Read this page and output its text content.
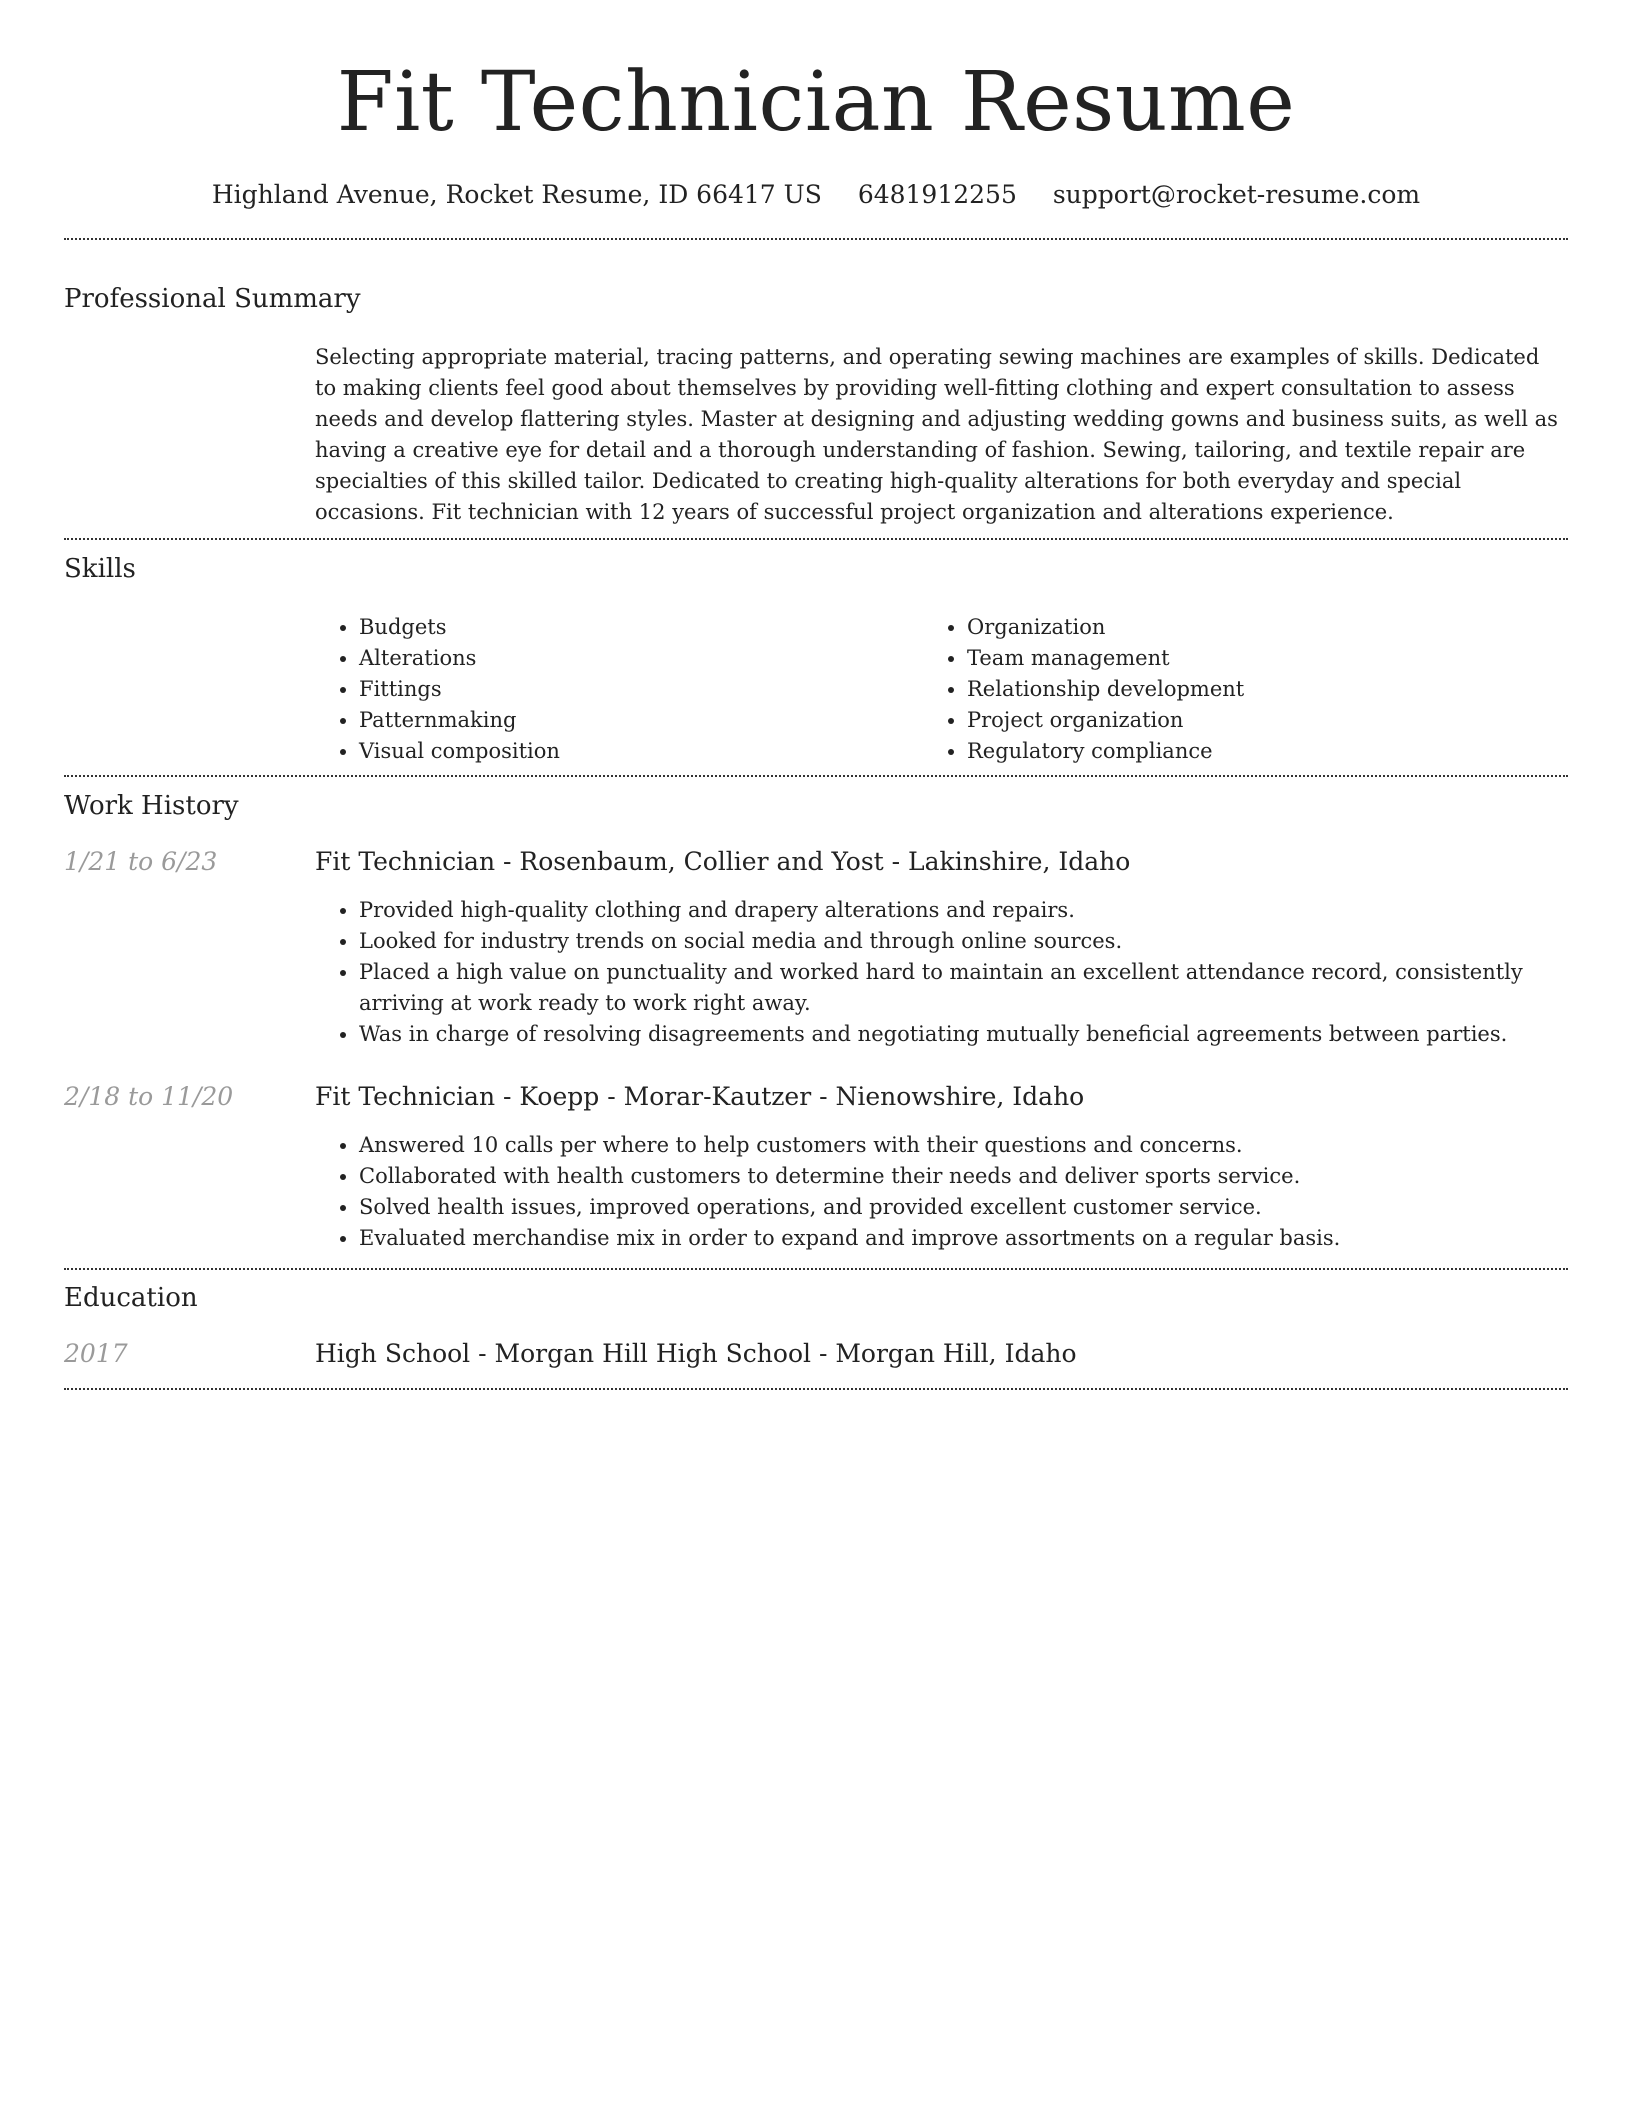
Fit Technician Resume
Highland Avenue, Rocket Resume, ID 66417 US 6481912255 support@rocket-resume.com
Professional Summary

Selecting appropriate material, tracing patterns, and operating sewing machines are examples of skills. Dedicated to making clients feel good about themselves by providing well-fitting clothing and expert consultation to assess needs and develop flattering styles. Master at designing and adjusting wedding gowns and business suits, as well as having a creative eye for detail and a thorough understanding of fashion. Sewing, tailoring, and textile repair are specialties of this skilled tailor. Dedicated to creating high-quality alterations for both everyday and special occasions. Fit technician with 12 years of successful project organization and alterations experience.

Skills
• Budgets
• Alterations
• Fittings
• Patternmaking
• Visual composition
• Organization
• Team management
• Relationship development
• Project organization
• Regulatory compliance
Work History
1/21 to 6/23	Fit Technician - Rosenbaum, Collier and Yost - Lakinshire, Idaho
• Provided high-quality clothing and drapery alterations and repairs.
• Looked for industry trends on social media and through online sources.
• Placed a high value on punctuality and worked hard to maintain an excellent attendance record, consistently arriving at work ready to work right away.
• Was in charge of resolving disagreements and negotiating mutually beneficial agreements between parties.
2/18 to 11/20	Fit Technician - Koepp - Morar-Kautzer - Nienowshire, Idaho
• Answered 10 calls per where to help customers with their questions and concerns.
• Collaborated with health customers to determine their needs and deliver sports service.
• Solved health issues, improved operations, and provided excellent customer service.
• Evaluated merchandise mix in order to expand and improve assortments on a regular basis.
Education
2017	High School - Morgan Hill High School - Morgan Hill, Idaho
